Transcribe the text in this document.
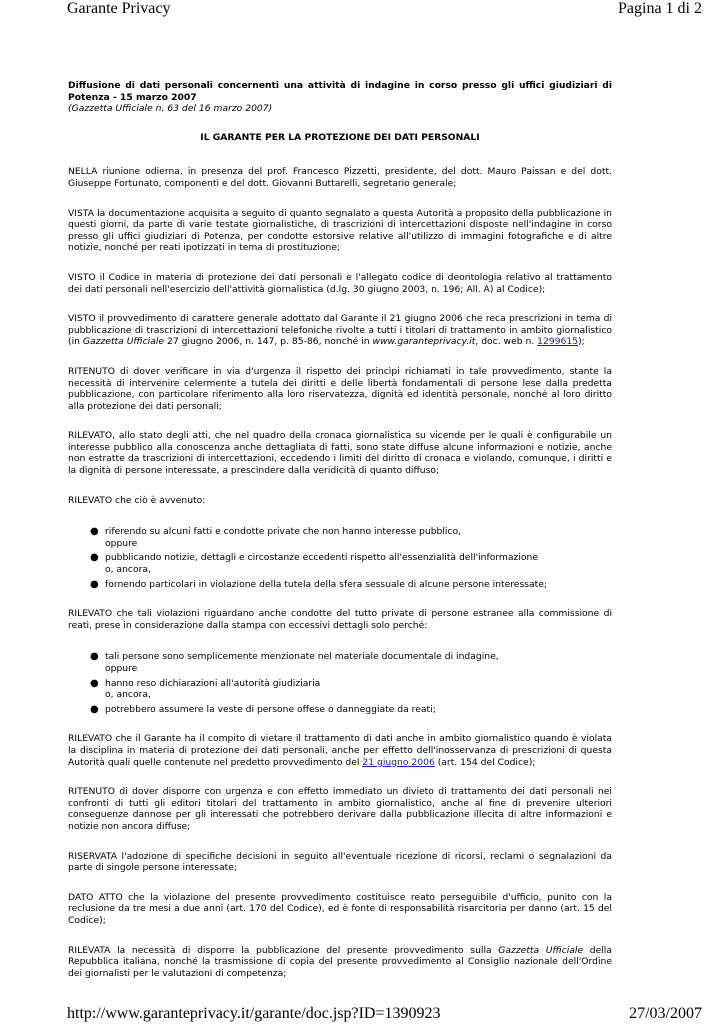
Garante Privacy	Pagina 1 di 2
Diffusione di dati personali concernenti una attività di indagine in corso presso gli uffici giudiziari di Potenza - 15 marzo 2007
(Gazzetta Ufficiale n. 63 del 16 marzo 2007)
IL GARANTE PER LA PROTEZIONE DEI DATI PERSONALI

NELLA riunione odierna, in presenza del prof. Francesco Pizzetti, presidente, del dott. Mauro Paissan e del dott. Giuseppe Fortunato, componenti e del dott. Giovanni Buttarelli, segretario generale;

VISTA la documentazione acquisita a seguito di quanto segnalato a questa Autorità a proposito della pubblicazione in questi giorni, da parte di varie testate giornalistiche, di trascrizioni di intercettazioni disposte nell'indagine in corso presso gli uffici giudiziari di Potenza, per condotte estorsive relative all'utilizzo di immagini fotografiche e di altre notizie, nonché per reati ipotizzati in tema di prostituzione;

VISTO il Codice in materia di protezione dei dati personali e l'allegato codice di deontologia relativo al trattamento dei dati personali nell'esercizio dell'attività giornalistica (d.lg. 30 giugno 2003, n. 196; All. A) al Codice);

VISTO il provvedimento di carattere generale adottato dal Garante il 21 giugno 2006 che reca prescrizioni in tema di pubblicazione di trascrizioni di intercettazioni telefoniche rivolte a tutti i titolari di trattamento in ambito giornalistico (in Gazzetta Ufficiale 27 giugno 2006, n. 147, p. 85-86, nonché in www.garanteprivacy.it, doc. web n. 1299615);

RITENUTO di dover verificare in via d'urgenza il rispetto dei princìpi richiamati in tale provvedimento, stante la necessità di intervenire celermente a tutela dei diritti e delle libertà fondamentali di persone lese dalla predetta pubblicazione, con particolare riferimento alla loro riservatezza, dignità ed identità personale, nonché al loro diritto alla protezione dei dati personali;

RILEVATO, allo stato degli atti, che nel quadro della cronaca giornalistica su vicende per le quali è configurabile un interesse pubblico alla conoscenza anche dettagliata di fatti, sono state diffuse alcune informazioni e notizie, anche non estratte da trascrizioni di intercettazioni, eccedendo i limiti del diritto di cronaca e violando, comunque, i diritti e la dignità di persone interessate, a prescindere dalla veridicità di quanto diffuso;

RILEVATO che ciò è avvenuto:

● riferendo su alcuni fatti e condotte private che non hanno interesse pubblico,
oppure
● pubblicando notizie, dettagli e circostanze eccedenti rispetto all'essenzialità dell'informazione
o, ancora,
● fornendo particolari in violazione della tutela della sfera sessuale di alcune persone interessate;

RILEVATO che tali violazioni riguardano anche condotte del tutto private di persone estranee alla commissione di reati, prese in considerazione dalla stampa con eccessivi dettagli solo perché:

● tali persone sono semplicemente menzionate nel materiale documentale di indagine,
oppure
● hanno reso dichiarazioni all'autorità giudiziaria
o, ancora,
● potrebbero assumere la veste di persone offese o danneggiate da reati;

RILEVATO che il Garante ha il compito di vietare il trattamento di dati anche in ambito giornalistico quando è violata la disciplina in materia di protezione dei dati personali, anche per effetto dell'inosservanza di prescrizioni di questa Autorità quali quelle contenute nel predetto provvedimento del 21 giugno 2006 (art. 154 del Codice);

RITENUTO di dover disporre con urgenza e con effetto immediato un divieto di trattamento dei dati personali nei confronti di tutti gli editori titolari del trattamento in ambito giornalistico, anche al fine di prevenire ulteriori conseguenze dannose per gli interessati che potrebbero derivare dalla pubblicazione illecita di altre informazioni e notizie non ancora diffuse;

RISERVATA l'adozione di specifiche decisioni in seguito all'eventuale ricezione di ricorsi, reclami o segnalazioni da parte di singole persone interessate;

DATO ATTO che la violazione del presente provvedimento costituisce reato perseguibile d'ufficio, punito con la reclusione da tre mesi a due anni (art. 170 del Codice), ed è fonte di responsabilità risarcitoria per danno (art. 15 del Codice);

RILEVATA la necessità di disporre la pubblicazione del presente provvedimento sulla Gazzetta Ufficiale della Repubblica italiana, nonché la trasmissione di copia del presente provvedimento al Consiglio nazionale dell'Ordine dei giornalisti per le valutazioni di competenza;

http://www.garanteprivacy.it/garante/doc.jsp?ID=1390923	27/03/2007
